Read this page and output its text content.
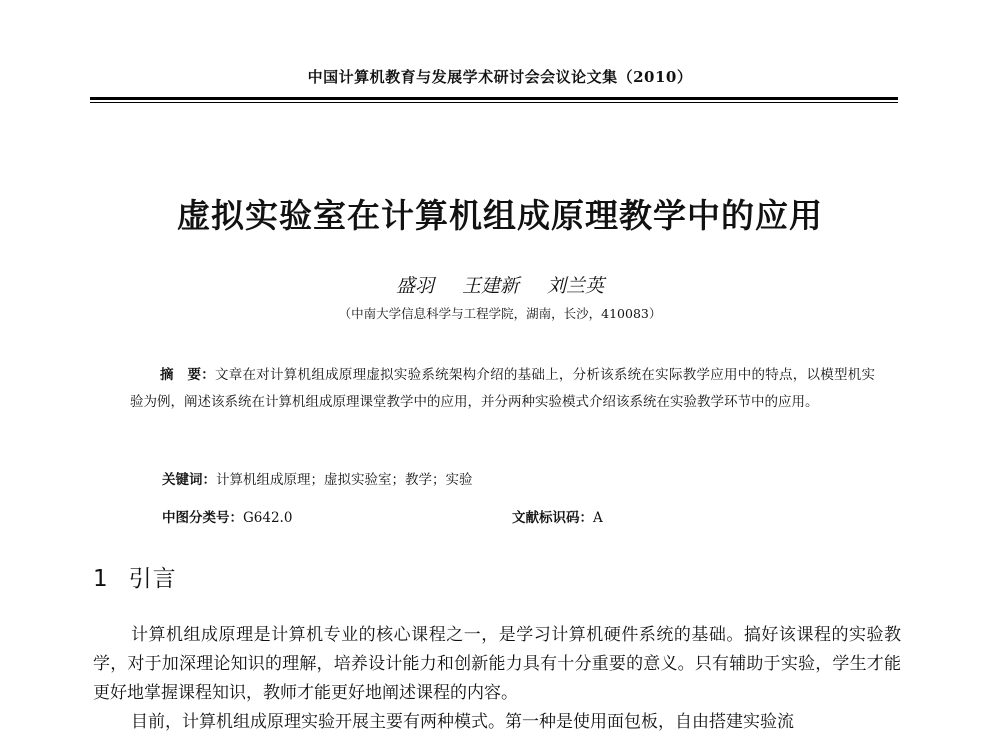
中国计算机教育与发展学术研讨会会议论文集（2010）
虚拟实验室在计算机组成原理教学中的应用
盛羽 王建新 刘兰英
（中南大学信息科学与工程学院，湖南，长沙，410083）
摘　要：文章在对计算机组成原理虚拟实验系统架构介绍的基础上，分析该系统在实际教学应用中的特点，以模型机实验为例，阐述该系统在计算机组成原理课堂教学中的应用，并分两种实验模式介绍该系统在实验教学环节中的应用。
关键词：计算机组成原理；虚拟实验室；教学；实验
中图分类号：G642.0	文献标识码：A
1 引言

计算机组成原理是计算机专业的核心课程之一，是学习计算机硬件系统的基础。搞好该课程的实验教学，对于加深理论知识的理解，培养设计能力和创新能力具有十分重要的意义。只有辅助于实验，学生才能更好地掌握课程知识，教师才能更好地阐述课程的内容。

目前，计算机组成原理实验开展主要有两种模式。第一种是使用面包板，自由搭建实验流
